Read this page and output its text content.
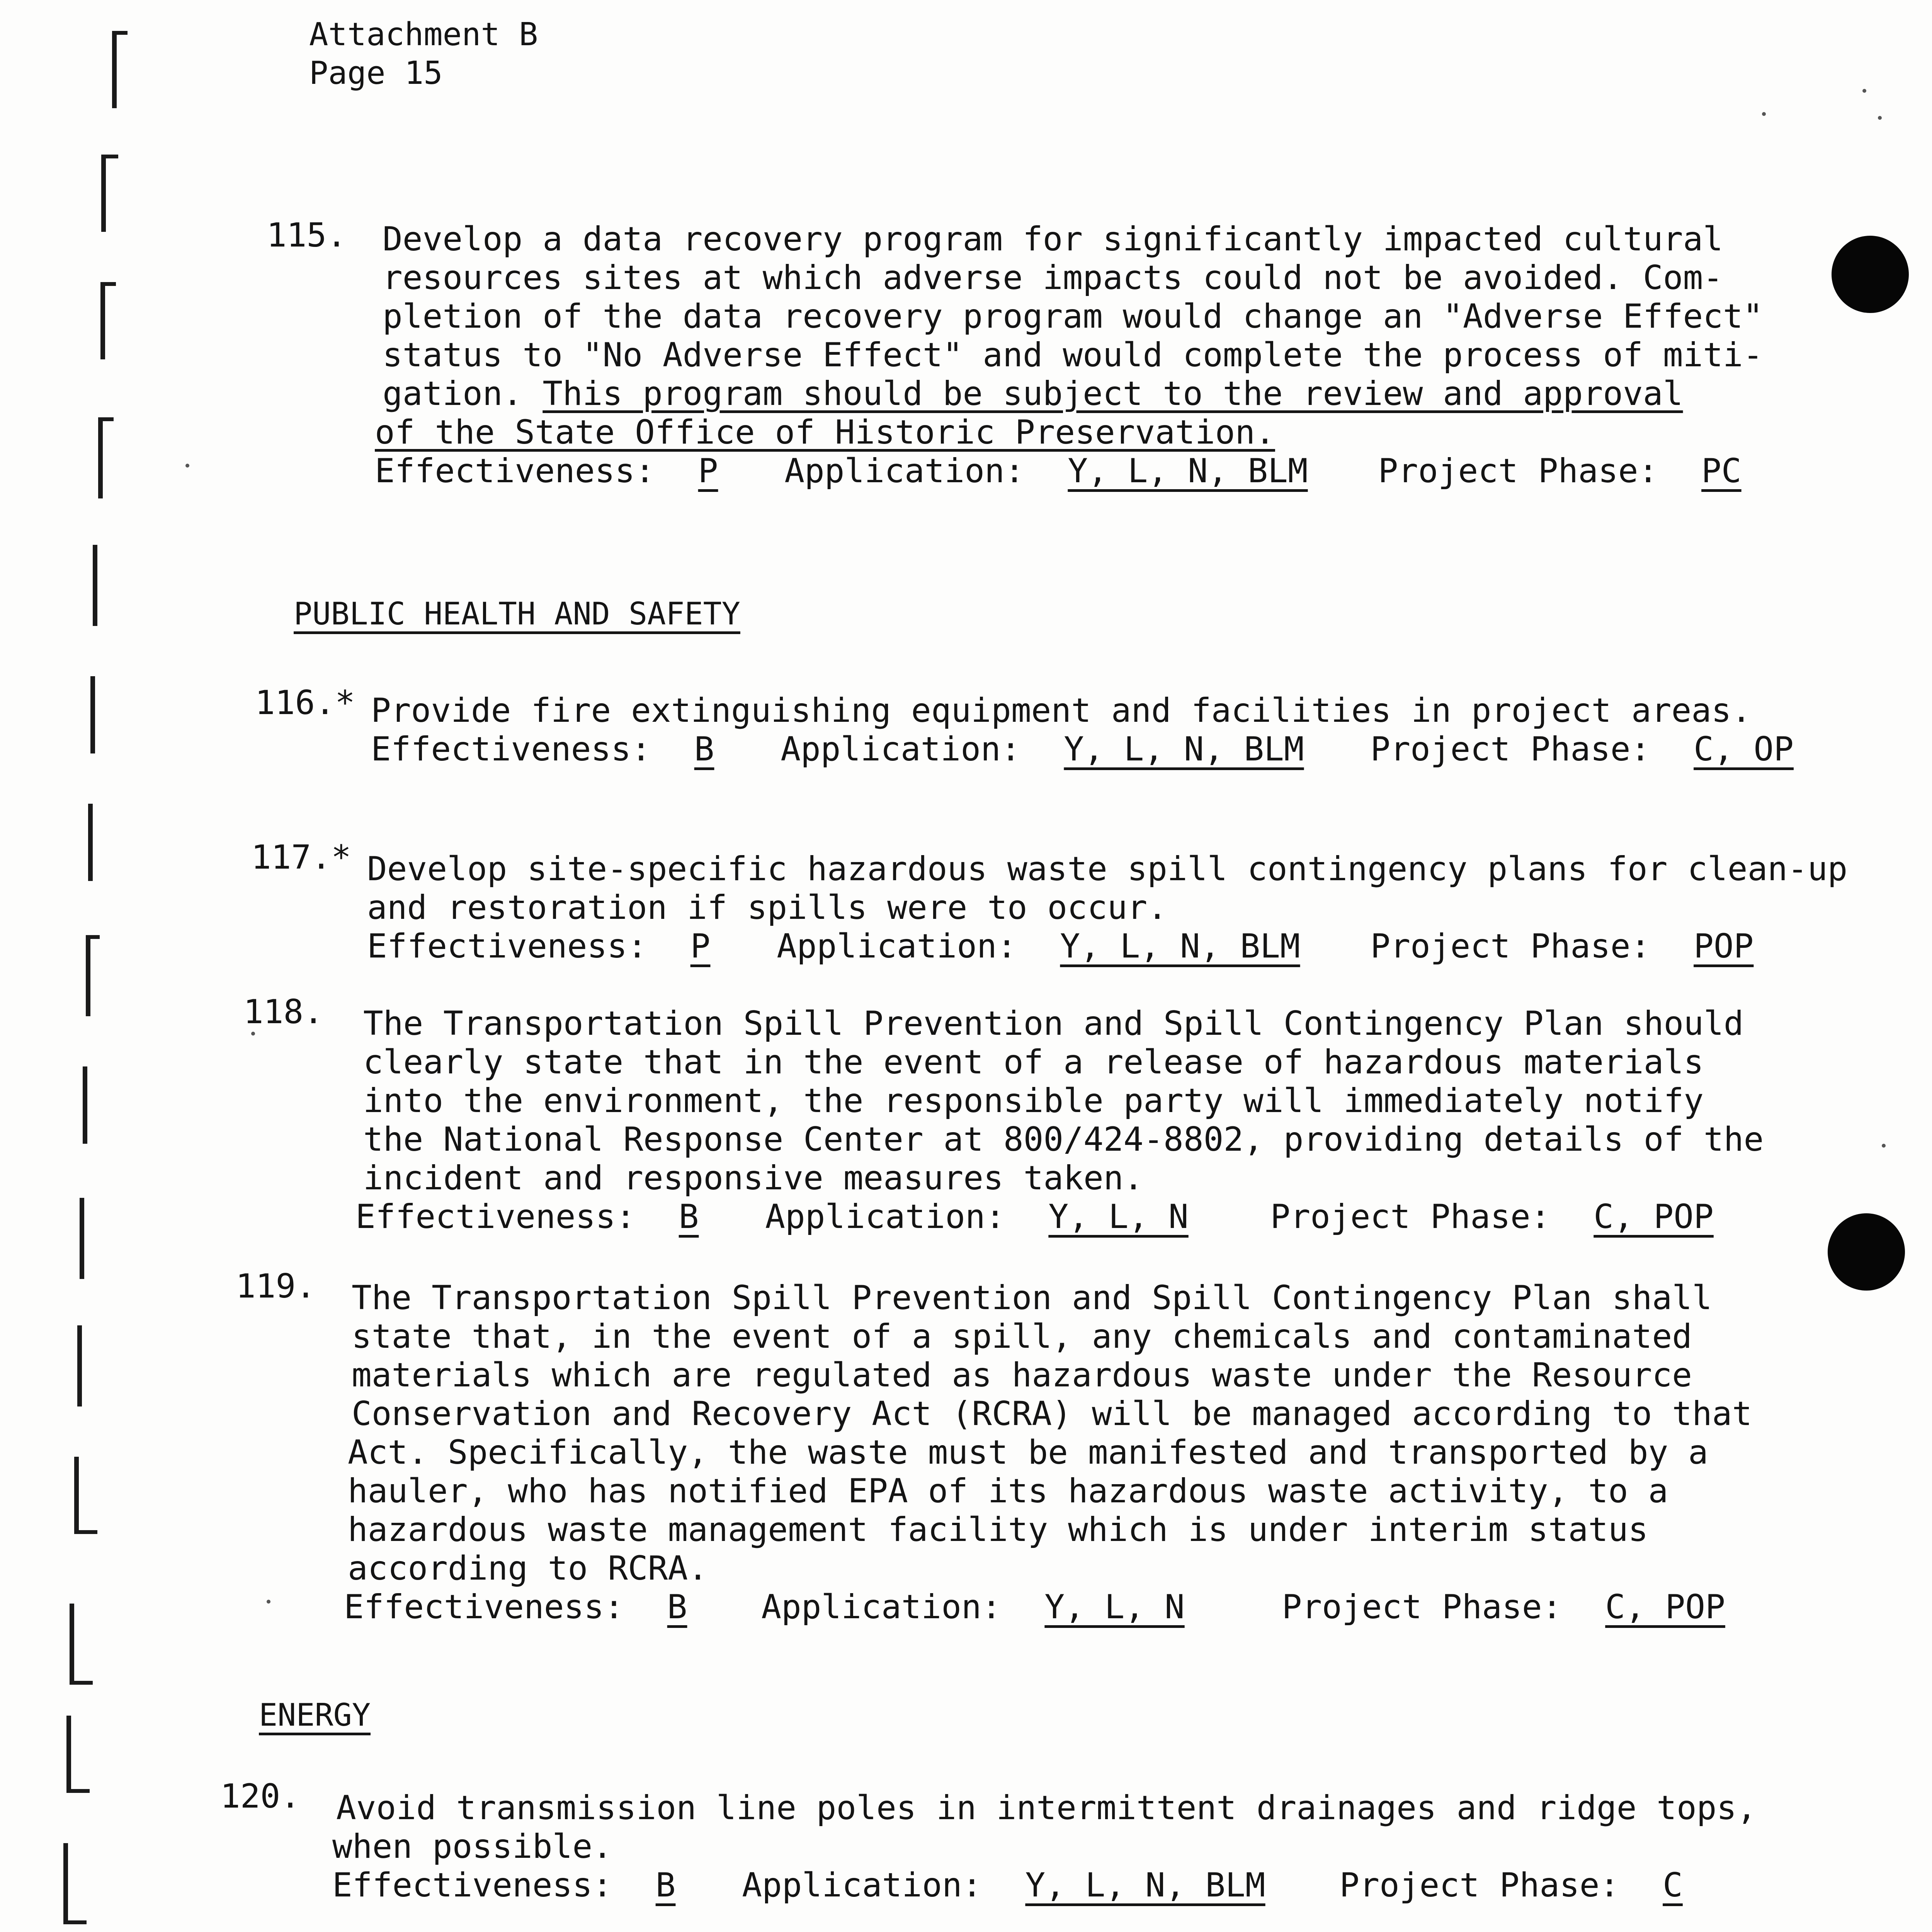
Attachment B
Page 15
115. Develop a data recovery program for significantly impacted cultural
resources sites at which adverse impacts could not be avoided. Com-
pletion of the data recovery program would change an "Adverse Effect"
status to "No Adverse Effect" and would complete the process of miti-
gation. This program should be subject to the review and approval
of the State Office of Historic Preservation.
Effectiveness: P Application: Y, L, N, BLM Project Phase: PC
PUBLIC HEALTH AND SAFETY
116.* Provide fire extinguishing equipment and facilities in project areas.
Effectiveness: B Application: Y, L, N, BLM Project Phase: C, OP
117.* Develop site-specific hazardous waste spill contingency plans for clean-up
and restoration if spills were to occur.
Effectiveness: P Application: Y, L, N, BLM Project Phase: POP
118. The Transportation Spill Prevention and Spill Contingency Plan should
clearly state that in the event of a release of hazardous materials
into the environment, the responsible party will immediately notify
the National Response Center at 800/424-8802, providing details of the
incident and responsive measures taken.
Effectiveness: B Application: Y, L, N Project Phase: C, POP
119. The Transportation Spill Prevention and Spill Contingency Plan shall
state that, in the event of a spill, any chemicals and contaminated
materials which are regulated as hazardous waste under the Resource
Conservation and Recovery Act (RCRA) will be managed according to that
Act. Specifically, the waste must be manifested and transported by a
hauler, who has notified EPA of its hazardous waste activity, to a
hazardous waste management facility which is under interim status
according to RCRA.
Effectiveness: B Application: Y, L, N	Project Phase: C, POP
ENERGY
120. Avoid transmission line poles in intermittent drainages and ridge tops,
when possible.
Effectiveness: B Application: Y, L, N, BLM Project Phase: C
